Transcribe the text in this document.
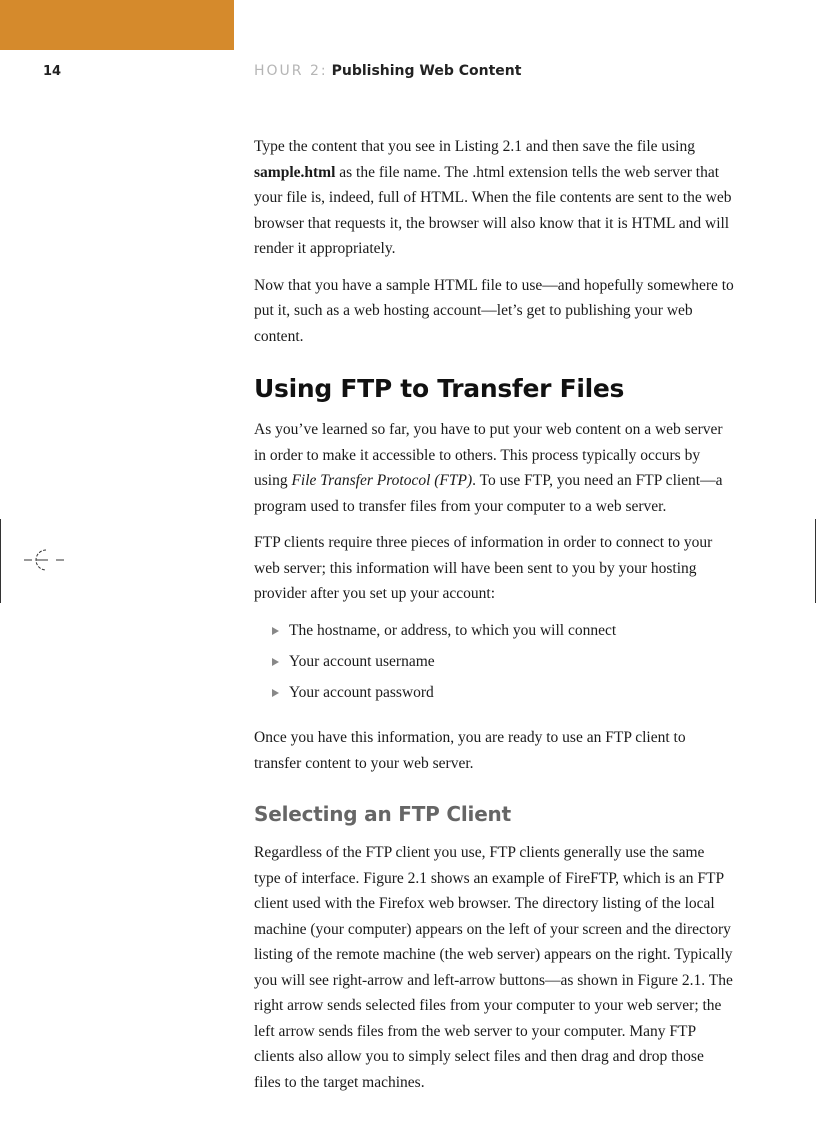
14	HOUR 2: Publishing Web Content

Type the content that you see in Listing 2.1 and then save the file using sample.html as the file name. The .html extension tells the web server that your file is, indeed, full of HTML. When the file contents are sent to the web browser that requests it, the browser will also know that it is HTML and will render it appropriately.

Now that you have a sample HTML file to use—and hopefully somewhere to put it, such as a web hosting account—let’s get to publishing your web content.

Using FTP to Transfer Files

As you’ve learned so far, you have to put your web content on a web server in order to make it accessible to others. This process typically occurs by using File Transfer Protocol (FTP). To use FTP, you need an FTP client—a program used to transfer files from your computer to a web server.

FTP clients require three pieces of information in order to connect to your web server; this information will have been sent to you by your hosting provider after you set up your account:

The hostname, or address, to which you will connect
Your account username
Your account password

Once you have this information, you are ready to use an FTP client to transfer content to your web server.

Selecting an FTP Client

Regardless of the FTP client you use, FTP clients generally use the same type of interface. Figure 2.1 shows an example of FireFTP, which is an FTP client used with the Firefox web browser. The directory listing of the local machine (your computer) appears on the left of your screen and the directory listing of the remote machine (the web server) appears on the right. Typically you will see right-arrow and left-arrow buttons—as shown in Figure 2.1. The right arrow sends selected files from your computer to your web server; the left arrow sends files from the web server to your computer. Many FTP clients also allow you to simply select files and then drag and drop those files to the target machines.
